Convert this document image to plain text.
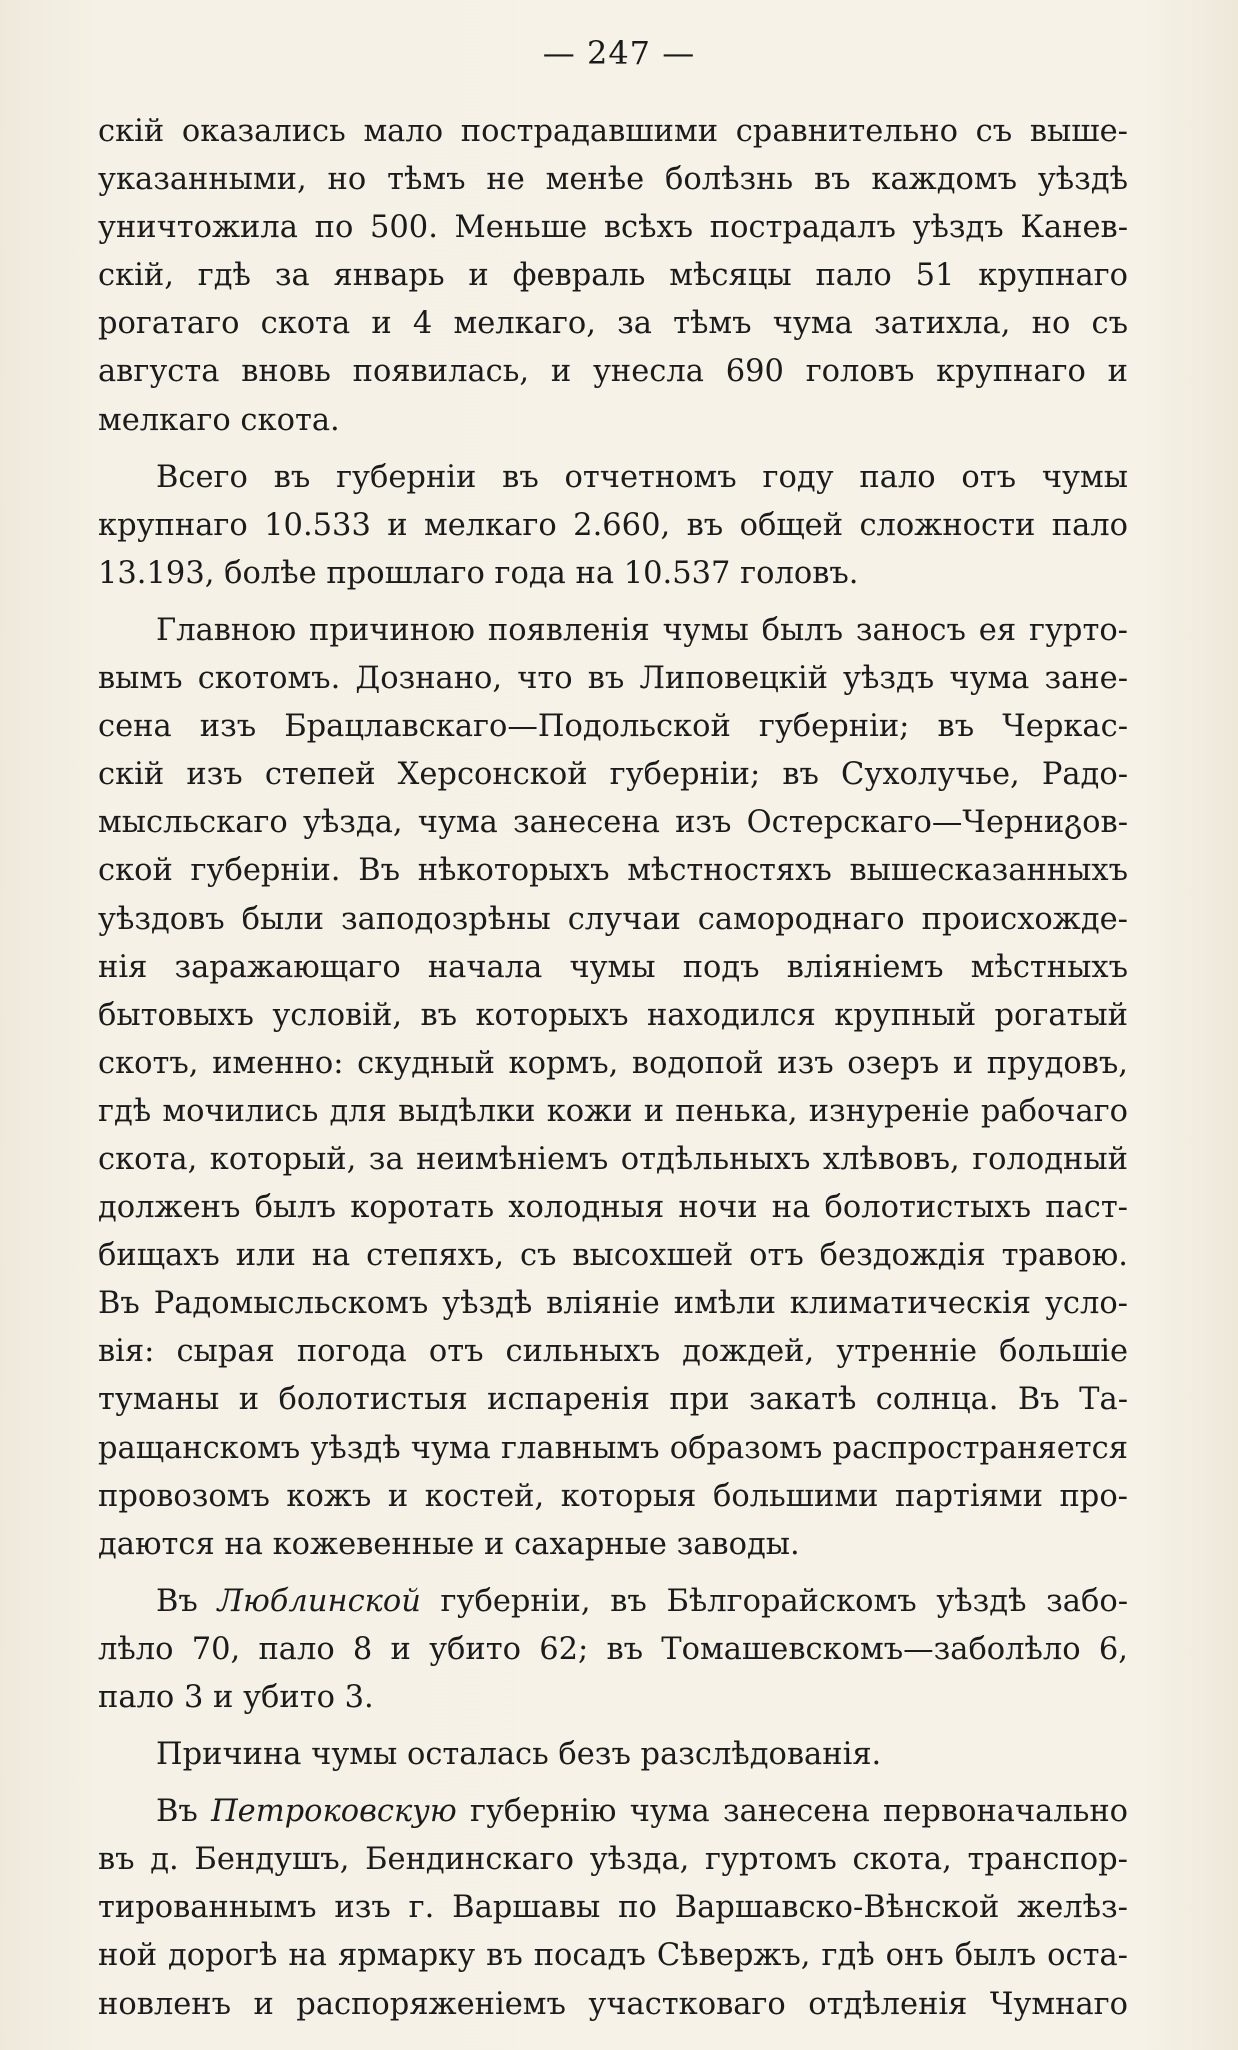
— 247 —
скій оказались мало пострадавшими сравнительно съ выше-
указанными, но тѣмъ не менѣе болѣзнь въ каждомъ уѣздѣ
уничтожила по 500. Меньше всѣхъ пострадалъ уѣздъ Канев-
скій, гдѣ за январь и февраль мѣсяцы пало 51 крупнаго
рогатаго скота и 4 мелкаго, за тѣмъ чума затихла, но съ
августа вновь появилась, и унесла 690 головъ крупнаго и
мелкаго скота.
Всего въ губерніи въ отчетномъ году пало отъ чумы
крупнаго 10.533 и мелкаго 2.660, въ общей сложности пало
13.193, болѣе прошлаго года на 10.537 головъ.
Главною причиною появленія чумы былъ заносъ ея гурто-
вымъ скотомъ. Дознано, что въ Липовецкій уѣздъ чума занe-
сена изъ Брацлавскаго—Подольской губерніи; въ Черкас-
скій изъ степей Херсонской губерніи; въ Сухолучье, Радо-
мысльскаго уѣзда, чума занесена изъ Остерскаго—Черниგов-
ской губерніи. Въ нѣкоторыхъ мѣстностяхъ вышесказанныхъ
уѣздовъ были заподозрѣны случаи самороднаго происхожде-
нія заражающаго начала чумы подъ вліяніемъ мѣстныхъ
бытовыхъ условій, въ которыхъ находился крупный рогатый
скотъ, именно: скудный кормъ, водопой изъ озеръ и прудовъ,
гдѣ мочились для выдѣлки кожи и пенька, изнуреніе рабочаго
скота, который, за неимѣніемъ отдѣльныхъ хлѣвовъ, голодный
долженъ былъ коротать холодныя ночи на болотистыхъ паст-
бищахъ или на степяхъ, съ высохшей отъ бездождія травою.
Въ Радомысльскомъ уѣздѣ вліяніе имѣли климатическія усло-
вія: сырая погода отъ сильныхъ дождей, утренніе большіе
туманы и болотистыя испаренія при закатѣ солнца. Въ Та-
ращанскомъ уѣздѣ чума главнымъ образомъ распространяется
провозомъ кожъ и костей, которыя большими партіями про-
даются на кожевенные и сахарные заводы.
Въ Люблинской губерніи, въ Бѣлгорайскомъ уѣздѣ забо-
лѣло 70, пало 8 и убито 62; въ Томашевскомъ—заболѣло 6,
пало 3 и убито 3.
Причина чумы осталась безъ разслѣдованія.
Въ Петроковскую губернію чума занесена первоначально
въ д. Бендушъ, Бендинскаго уѣзда, гуртомъ скота, транспор-
тированнымъ изъ г. Варшавы по Варшавско-Вѣнской желѣз-
ной дорогѣ на ярмарку въ посадъ Сѣвержъ, гдѣ онъ былъ оста-
новленъ и распоряженіемъ участковаго отдѣленія Чумнаго
